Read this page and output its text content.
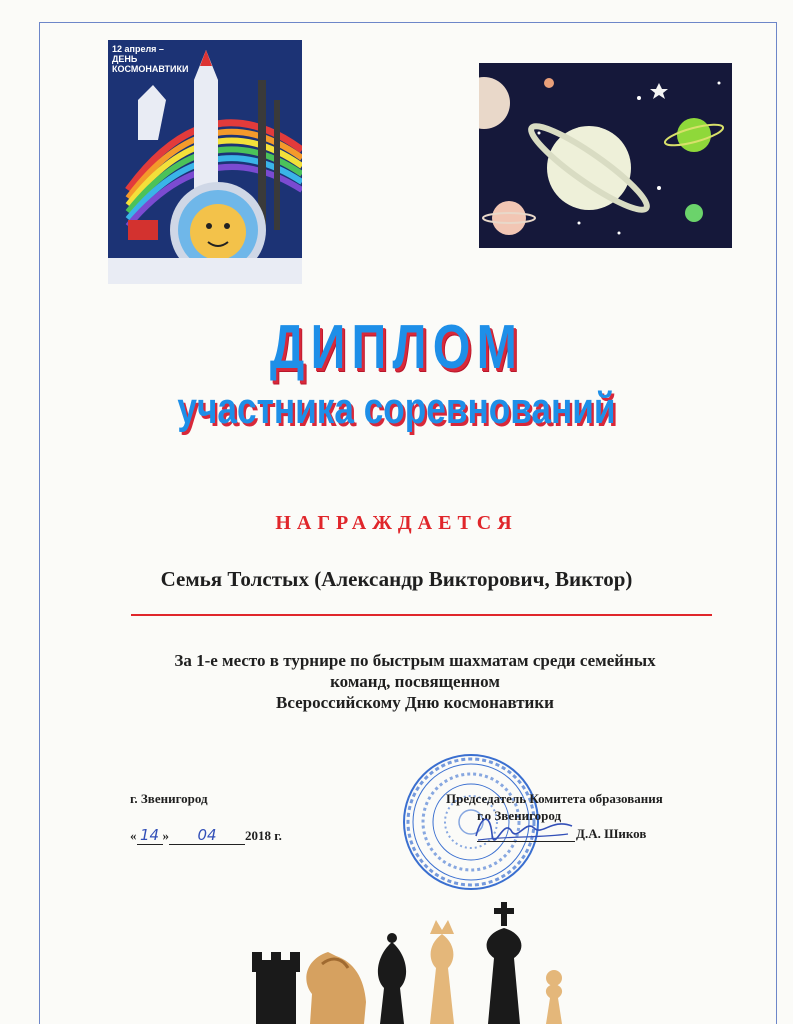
12 апреля –
ДЕНЬ
КОСМОНАВТИКИ
ДИПЛОМ
участника соревнований
НАГРАЖДАЕТСЯ
Семья Толстых (Александр Викторович, Виктор)
За 1-е место в турнире по быстрым шахматам среди семейных
команд, посвященном
Всероссийскому Дню космонавтики
г. Звенигород
« 14 » 04 2018 г.
Председатель Комитета образования
г.о Звенигород
Д.А. Шиков
